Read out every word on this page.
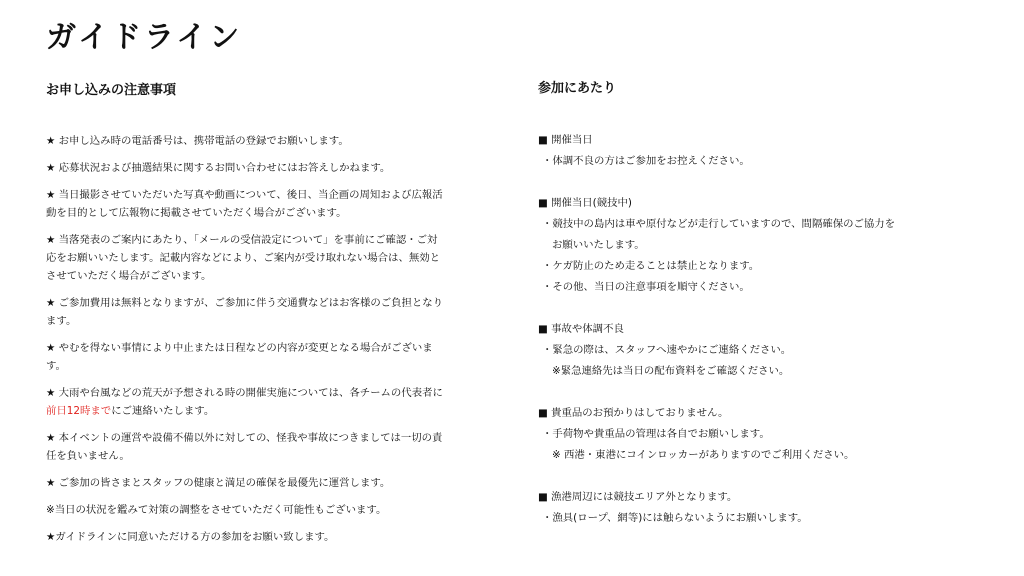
ガイドライン
お申し込みの注意事項
★ お申し込み時の電話番号は、携帯電話の登録でお願いします。
★ 応募状況および抽選結果に関するお問い合わせにはお答えしかねます。
★ 当日撮影させていただいた写真や動画について、後日、当企画の周知および広報活動を目的として広報物に掲載させていただく場合がございます。
★ 当落発表のご案内にあたり、「メールの受信設定について」を事前にご確認・ご対応をお願いいたします。記載内容などにより、ご案内が受け取れない場合は、無効とさせていただく場合がございます。
★ ご参加費用は無料となりますが、ご参加に伴う交通費などはお客様のご負担となります。
★ やむを得ない事情により中止または日程などの内容が変更となる場合がございます。
★ 大雨や台風などの荒天が予想される時の開催実施については、各チームの代表者に前日12時までにご連絡いたします。
★ 本イベントの運営や設備不備以外に対しての、怪我や事故につきましては一切の責任を負いません。
★ ご参加の皆さまとスタッフの健康と満足の確保を最優先に運営します。
※当日の状況を鑑みて対策の調整をさせていただく可能性もございます。
★ガイドラインに同意いただける方の参加をお願い致します。
参加にあたり

■ 開催当日

・体調不良の方はご参加をお控えください。

■ 開催当日(競技中)

・競技中の島内は車や原付などが走行していますので、間隔確保のご協力を

お願いいたします。

・ケガ防止のため走ることは禁止となります。

・その他、当日の注意事項を順守ください。

■ 事故や体調不良

・緊急の際は、スタッフへ速やかにご連絡ください。

※緊急連絡先は当日の配布資料をご確認ください。

■ 貴重品のお預かりはしておりません。

・手荷物や貴重品の管理は各自でお願いします。

※ 西港・東港にコインロッカーがありますのでご利用ください。

■ 漁港周辺には競技エリア外となります。

・漁具(ロープ、網等)には触らないようにお願いします。
